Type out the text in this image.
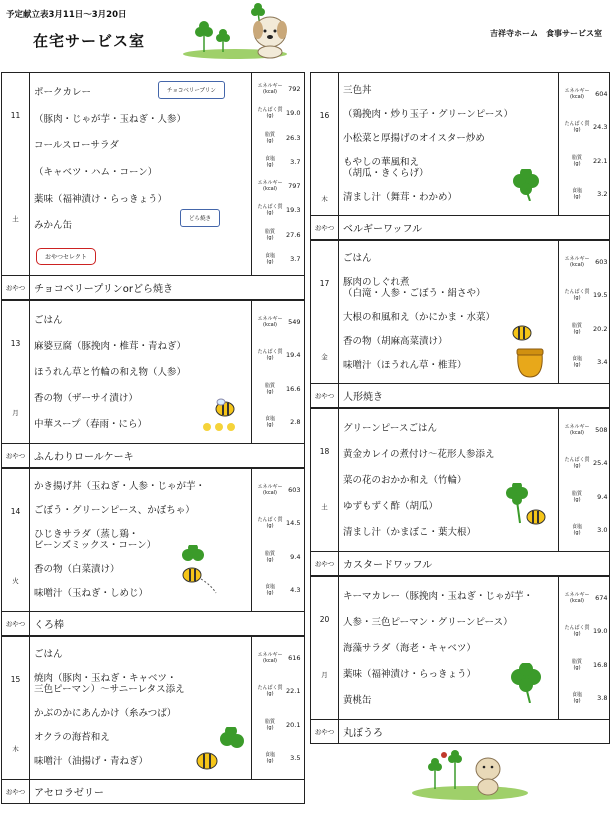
予定献立表3月11日〜3月20日
在宅サービス室	吉祥寺ホーム　食事サービス室
11
土
ポークカレー
（豚肉・じゃが芋・玉ねぎ・人参）
コールスローサラダ
（キャベツ・ハム・コーン）
薬味（福神漬け・らっきょう）
みかん缶
エネルギー
(kcal)	792
たんぱく質
(g)	19.0
脂質
(g)	26.3
食塩
(g)	3.7
エネルギー
(kcal)	797
たんぱく質
(g)	19.3
脂質
(g)	27.6
食塩
(g)	3.7
チョコベリープリン
どら焼き
おやつセレクト
おやつ チョコベリープリンorどら焼き
13
月
ごはん
麻婆豆腐（豚挽肉・椎茸・青ねぎ）
ほうれん草と竹輪の和え物（人参）
香の物（ザーサイ漬け）
中華スープ（春雨・にら）
エネルギー
(kcal)	549
たんぱく質
(g)	19.4
脂質
(g)	16.6
食塩
(g)	2.8
おやつ ふんわりロールケーキ
14
火
かき揚げ丼（玉ねぎ・人参・じゃが芋・
ごぼう・グリーンピース、かぼちゃ）
ひじきサラダ（蒸し鶏・
ビーンズミックス・コーン）
香の物（白菜漬け）
味噌汁（玉ねぎ・しめじ）
エネルギー
(kcal)	603
たんぱく質
(g)	14.5
脂質
(g)	9.4
食塩
(g)	4.3
おやつ くろ棒
15
木
ごはん
焼肉（豚肉・玉ねぎ・キャベツ・
三色ピーマン）〜サニーレタス添え
かぶのかにあんかけ（糸みつば）
オクラの海苔和え
味噌汁（油揚げ・青ねぎ）
エネルギー
(kcal)	616
たんぱく質
(g)	22.1
脂質
(g)	20.1
食塩
(g)	3.5
おやつ アセロラゼリー
16
木
三色丼
（鶏挽肉・炒り玉子・グリーンピース）
小松菜と厚揚げのオイスター炒め
もやしの華風和え
（胡瓜・きくらげ）
清まし汁（舞茸・わかめ）
エネルギー
(kcal)	604
たんぱく質
(g)	24.3
脂質
(g)	22.1
食塩
(g)	3.2
おやつ ベルギーワッフル
17
金
ごはん
豚肉のしぐれ煮
（白滝・人参・ごぼう・絹さや）
大根の和風和え（かにかま・水菜）
香の物（胡麻高菜漬け）
味噌汁（ほうれん草・椎茸）
エネルギー
(kcal)	603
たんぱく質
(g)	19.5
脂質
(g)	20.2
食塩
(g)	3.4
おやつ 人形焼き
18
土
グリーンピースごはん
黄金カレイの煮付け〜花形人参添え
菜の花のおかか和え（竹輪）
ゆずもずく酢（胡瓜）
清まし汁（かまぼこ・葉大根）
エネルギー
(kcal)	508
たんぱく質
(g)	25.4
脂質
(g)	9.4
食塩
(g)	3.0
おやつ カスタードワッフル
20
月
キーマカレー（豚挽肉・玉ねぎ・じゃが芋・
人参・三色ピーマン・グリーンピース）
海藻サラダ（海老・キャベツ）
薬味（福神漬け・らっきょう）
黄桃缶
エネルギー
(kcal)	674
たんぱく質
(g)	19.0
脂質
(g)	16.8
食塩
(g)	3.8
おやつ 丸ぼうろ
